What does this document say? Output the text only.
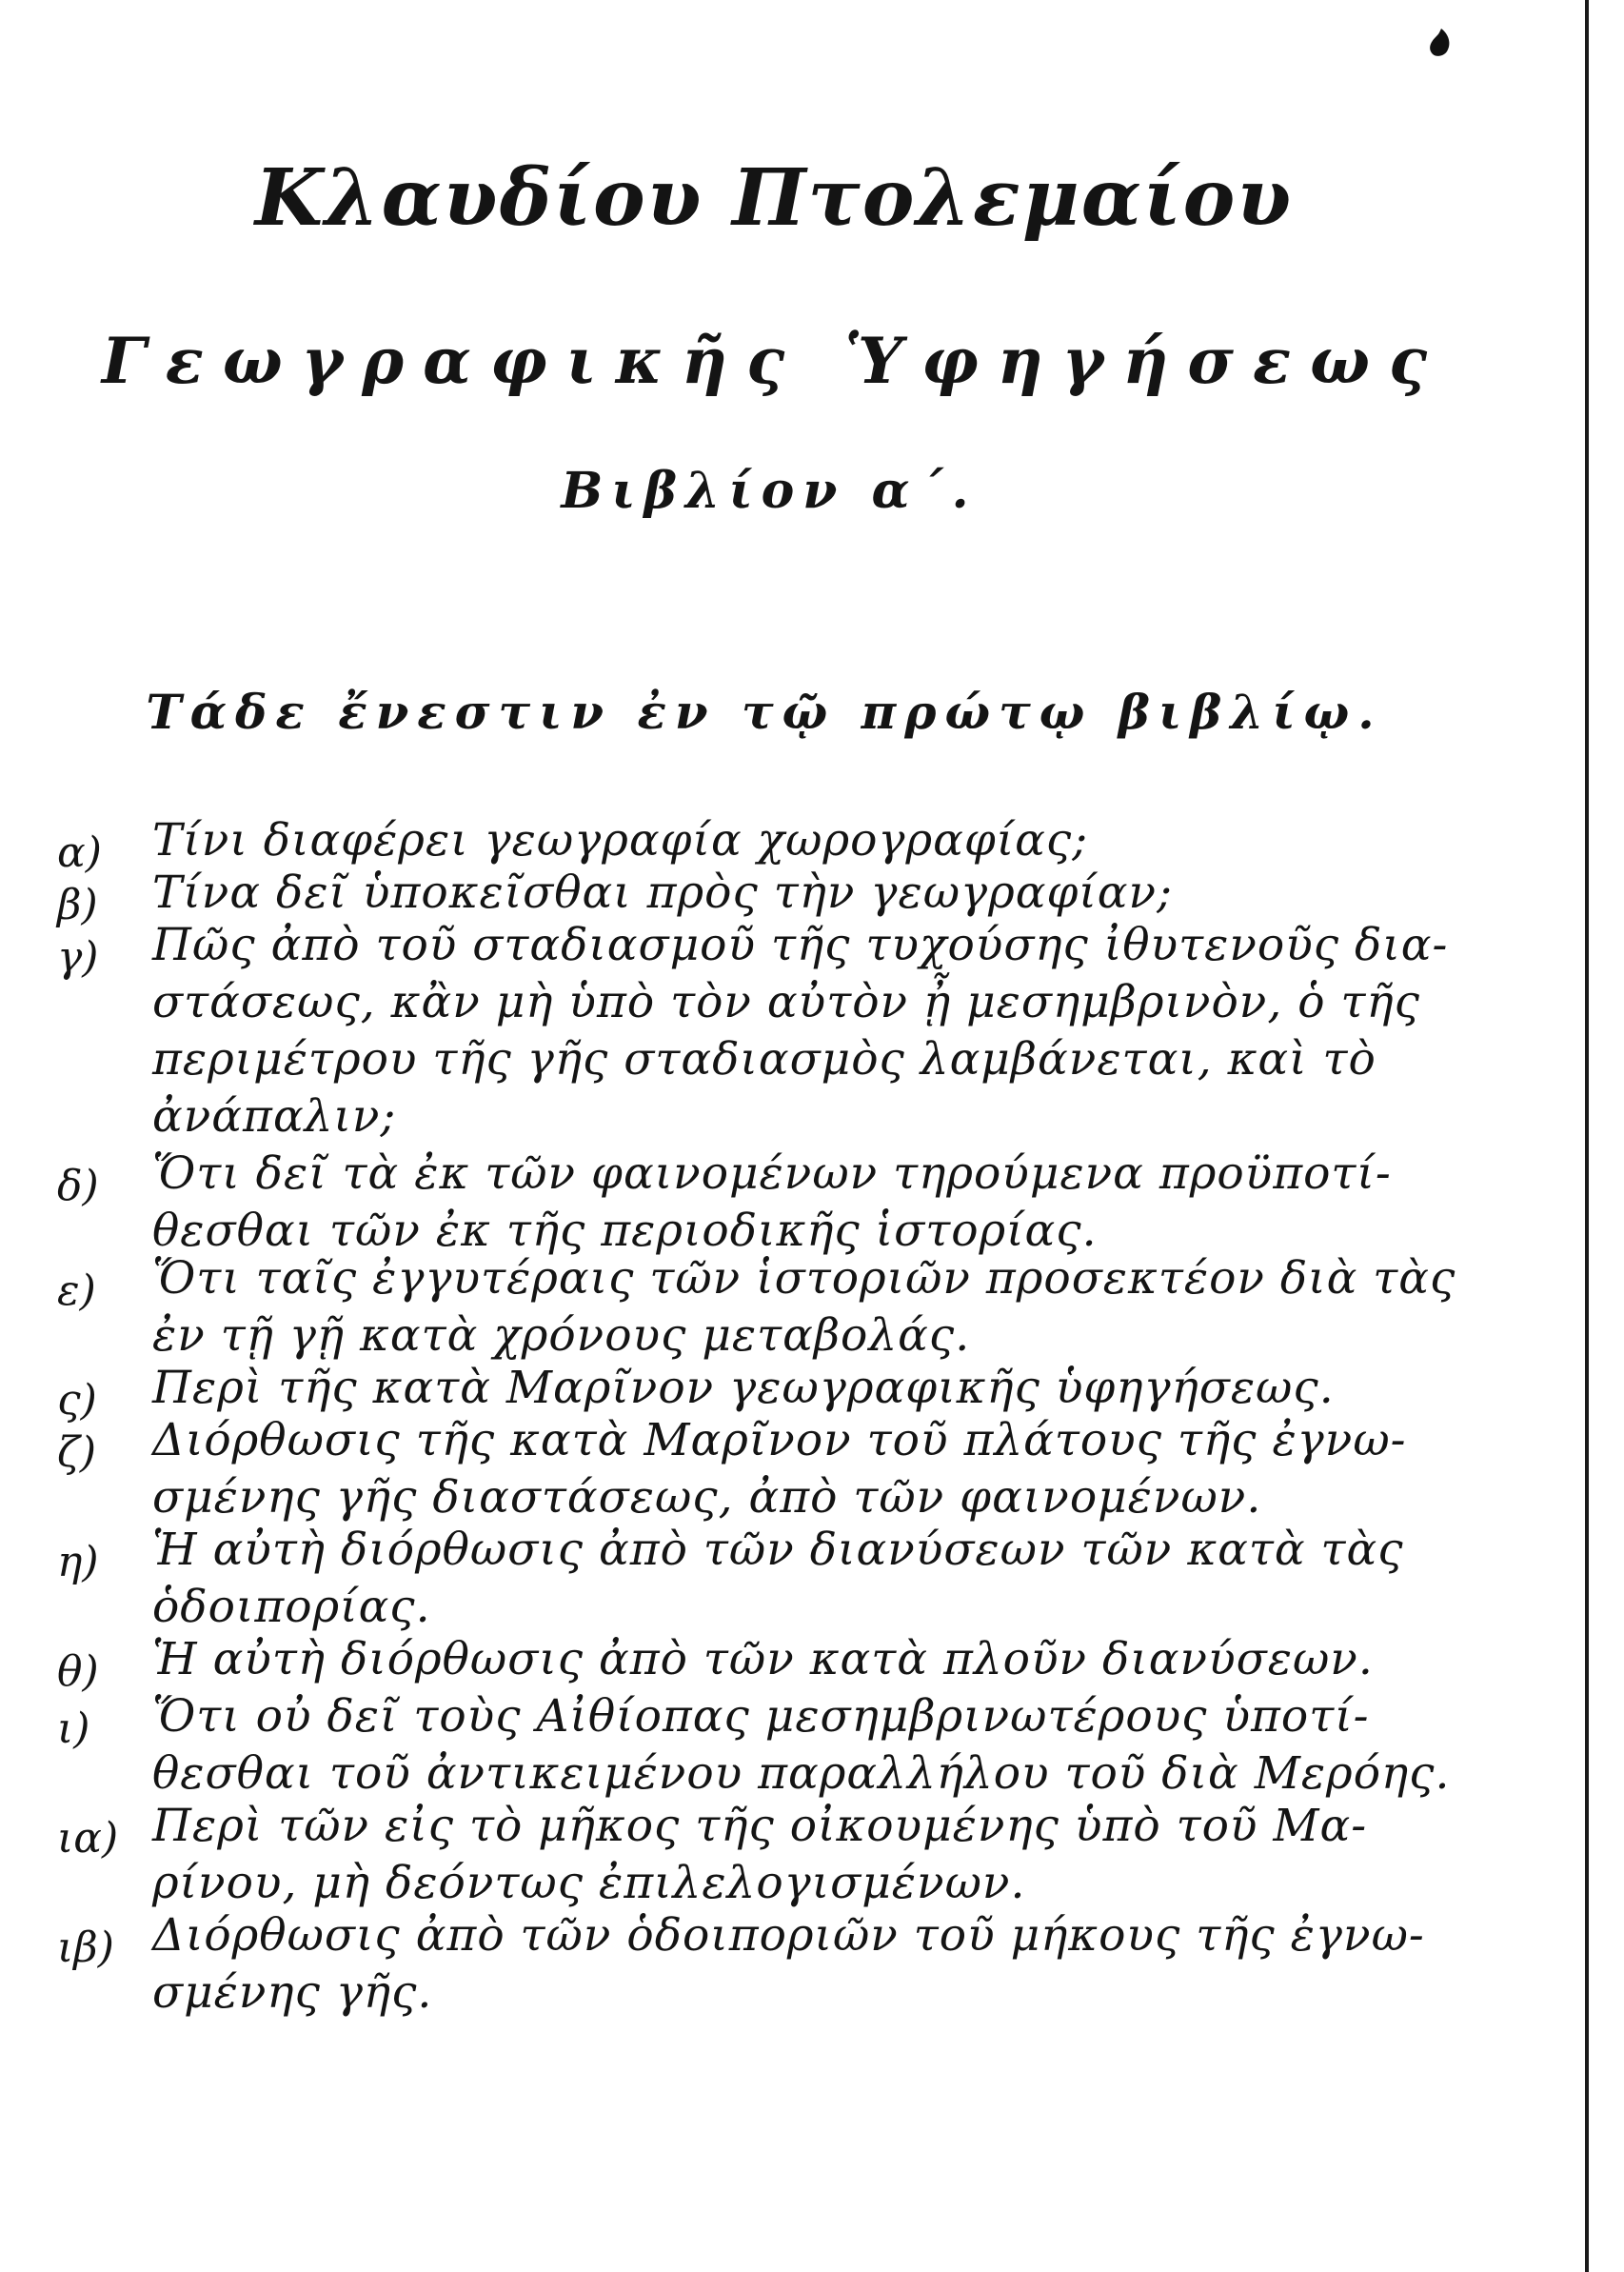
Κλαυδίου Πτολεμαίου
Γεωγραφικῆς Ὑφηγήσεως
Βιβλίον α΄.
Τάδε ἔνεστιν ἐν τῷ πρώτῳ βιβλίῳ.
α)	Τίνι διαφέρει γεωγραφία χωρογραφίας;
β)	Τίνα δεῖ ὑποκεῖσθαι πρὸς τὴν γεωγραφίαν;
γ)	Πῶς ἀπὸ τοῦ σταδιασμοῦ τῆς τυχούσης ἰθυτενοῦς δια-
στάσεως, κἂν μὴ ὑπὸ τὸν αὐτὸν ᾖ μεσημβρινὸν, ὁ τῆς
περιμέτρου τῆς γῆς σταδιασμὸς λαμβάνεται, καὶ τὸ
ἀνάπαλιν;
δ)	Ὅτι δεῖ τὰ ἐκ τῶν φαινομένων τηρούμενα προϋποτί-
θεσθαι τῶν ἐκ τῆς περιοδικῆς ἱστορίας.
ε)	Ὅτι ταῖς ἐγγυτέραις τῶν ἱστοριῶν προσεκτέον διὰ τὰς
ἐν τῇ γῇ κατὰ χρόνους μεταβολάς.
ς)	Περὶ τῆς κατὰ Μαρῖνον γεωγραφικῆς ὑφηγήσεως.
ζ)	Διόρθωσις τῆς κατὰ Μαρῖνον τοῦ πλάτους τῆς ἐγνω-
σμένης γῆς διαστάσεως, ἀπὸ τῶν φαινομένων.
η)	Ἡ αὐτὴ διόρθωσις ἀπὸ τῶν διανύσεων τῶν κατὰ τὰς
ὁδοιπορίας.
θ)	Ἡ αὐτὴ διόρθωσις ἀπὸ τῶν κατὰ πλοῦν διανύσεων.
ι)	Ὅτι οὐ δεῖ τοὺς Αἰθίοπας μεσημβρινωτέρους ὑποτί-
θεσθαι τοῦ ἀντικειμένου παραλλήλου τοῦ διὰ Μερόης.
ια) Περὶ τῶν εἰς τὸ μῆκος τῆς οἰκουμένης ὑπὸ τοῦ Μα-
ρίνου, μὴ δεόντως ἐπιλελογισμένων.
ιβ) Διόρθωσις ἀπὸ τῶν ὁδοιποριῶν τοῦ μήκους τῆς ἐγνω-
σμένης γῆς.
